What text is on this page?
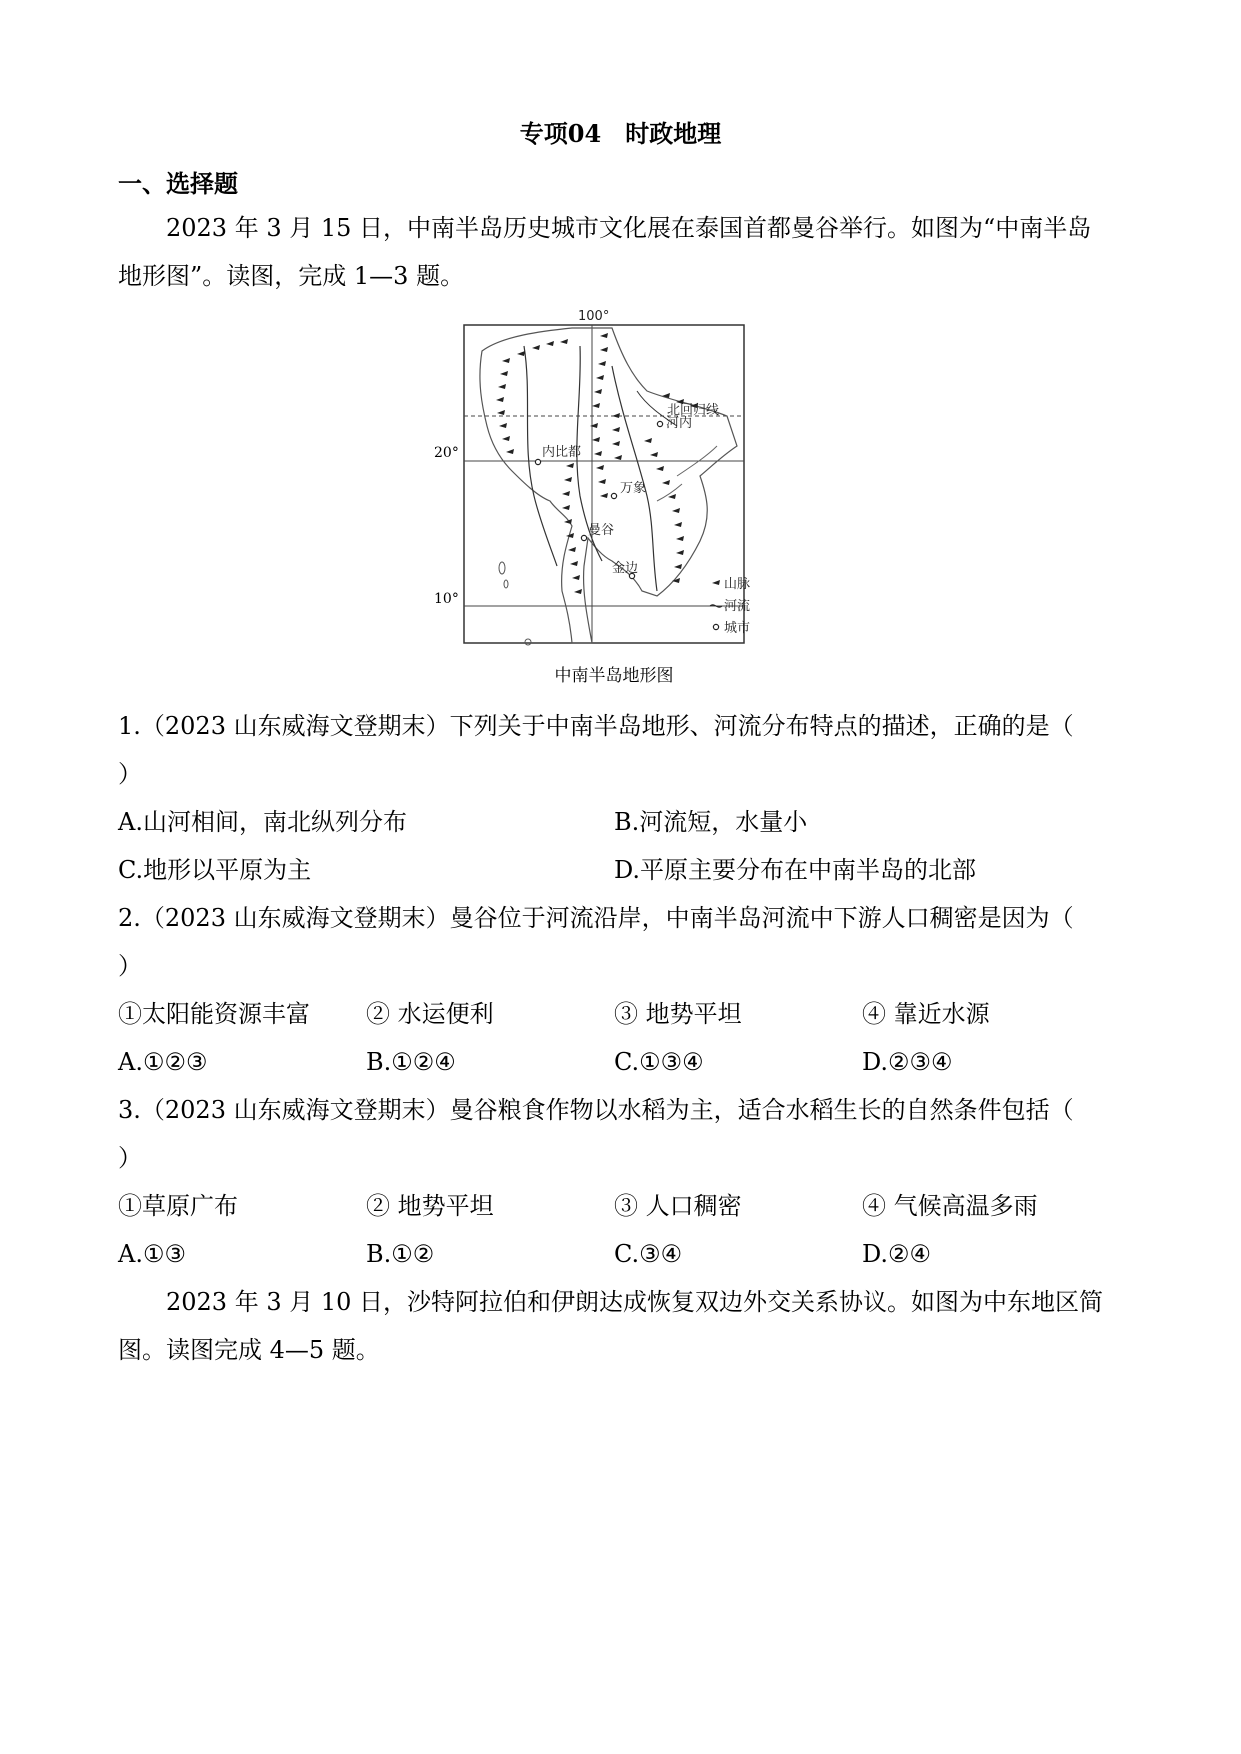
专项04　时政地理
一、选择题
2023 年 3 月 15 日，中南半岛历史城市文化展在泰国首都曼谷举行。如图为“中南半岛
地形图”。读图，完成 1—3 题。
100°
北回归线
内比都
河内
万象
曼谷
金边
山脉
河流
城市
20°
10°
中南半岛地形图
1.（2023 山东威海文登期末）下列关于中南半岛地形、河流分布特点的描述，正确的是（
）
A.山河相间，南北纵列分布	B.河流短，水量小
C.地形以平原为主	D.平原主要分布在中南半岛的北部
2.（2023 山东威海文登期末）曼谷位于河流沿岸，中南半岛河流中下游人口稠密是因为（
）
①太阳能资源丰富 ② 水运便利	③ 地势平坦	④ 靠近水源
A.①②③	B.①②④	C.①③④	D.②③④
3.（2023 山东威海文登期末）曼谷粮食作物以水稻为主，适合水稻生长的自然条件包括（
）
①草原广布	② 地势平坦	③ 人口稠密	④ 气候高温多雨
A.①③	B.①②	C.③④	D.②④
2023 年 3 月 10 日，沙特阿拉伯和伊朗达成恢复双边外交关系协议。如图为中东地区简
图。读图完成 4—5 题。
